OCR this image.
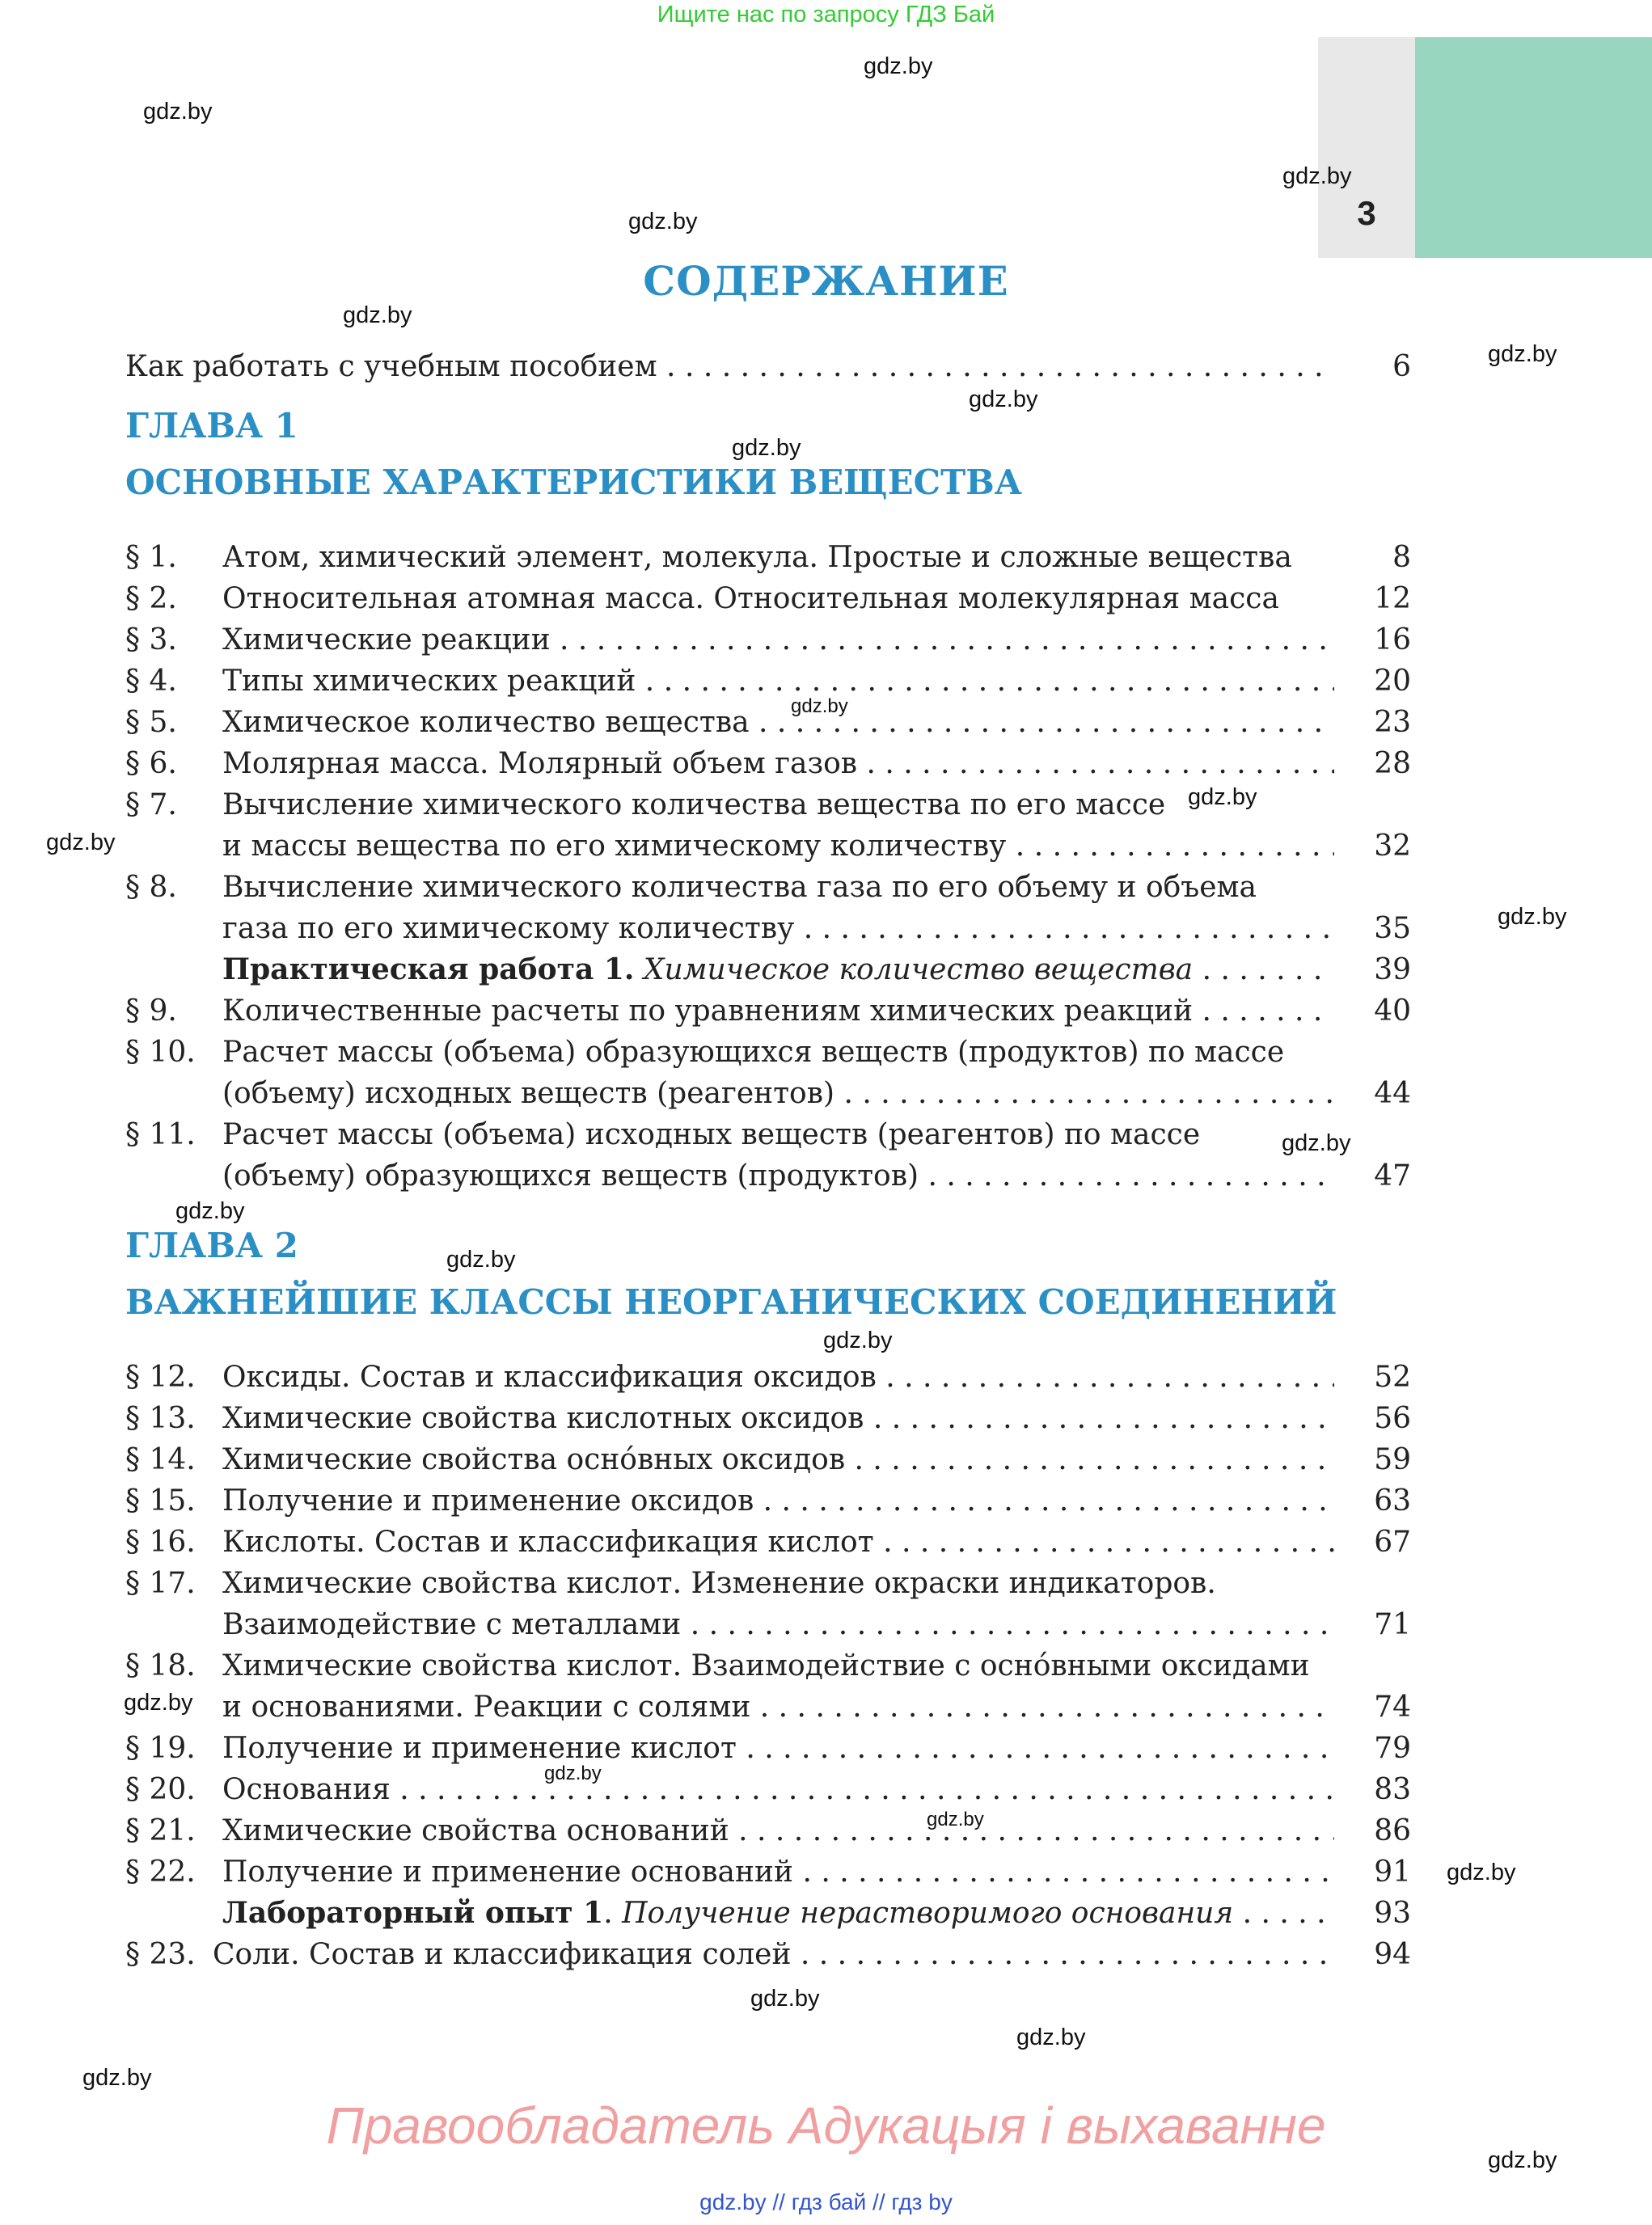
Ищите нас по запросу ГДЗ Бай
3
gdz.by
gdz.by
gdz.by
gdz.by
gdz.by
gdz.by
gdz.by
gdz.by
gdz.by
gdz.by
gdz.by
gdz.by
gdz.by
gdz.by
gdz.by
gdz.by
gdz.by
gdz.by
gdz.by
gdz.by
gdz.by
gdz.by
gdz.by
gdz.by
СОДЕРЖАНИЕ
Как работать с учебным пособием . . .	6
ГЛАВА 1
ОСНОВНЫЕ ХАРАКТЕРИСТИКИ ВЕЩЕСТВА
§ 1. Атом, химический элемент, молекула. Простые и сложные вещества	8
§ 2. Относительная атомная масса. Относительная молекулярная масса	12
§ 3. Химические реакции . . .	16
§ 4. Типы химических реакций . . .	20
§ 5. Химическое количество вещества . . .	23
§ 6. Молярная масса. Молярный объем газов . . .	28
§ 7. Вычисление химического количества вещества по его массе
и массы вещества по его химическому количеству . . .	32
§ 8. Вычисление химического количества газа по его объему и объема
газа по его химическому количеству . . .	35
Практическая работа 1. Химическое количество вещества . . .	39
§ 9. Количественные расчеты по уравнениям химических реакций . . .	40
§ 10. Расчет массы (объема) образующихся веществ (продуктов) по массе
(объему) исходных веществ (реагентов) . . .	44
§ 11. Расчет массы (объема) исходных веществ (реагентов) по массе
(объему) образующихся веществ (продуктов) . . .	47
ГЛАВА 2
ВАЖНЕЙШИЕ КЛАССЫ НЕОРГАНИЧЕСКИХ СОЕДИНЕНИЙ
§ 12. Оксиды. Состав и классификация оксидов . . .	52
§ 13. Химические свойства кислотных оксидов . . .	56
§ 14. Химические свойства осно́вных оксидов . . .	59
§ 15. Получение и применение оксидов . . .	63
§ 16. Кислоты. Состав и классификация кислот . . .	67
§ 17. Химические свойства кислот. Изменение окраски индикаторов.
Взаимодействие с металлами . . .	71
§ 18. Химические свойства кислот. Взаимодействие с осно́вными оксидами
и основаниями. Реакции с солями . . .	74
§ 19. Получение и применение кислот . . .	79
§ 20. Основания . . .	83
§ 21. Химические свойства оснований . . .	86
§ 22. Получение и применение оснований . . .	91
Лабораторный опыт 1. Получение нерастворимого основания . . .	93
§ 23. Соли. Состав и классификация солей . . .	94
Правообладатель Адукацыя і выхаванне
gdz.by // гдз бай // гдз by
